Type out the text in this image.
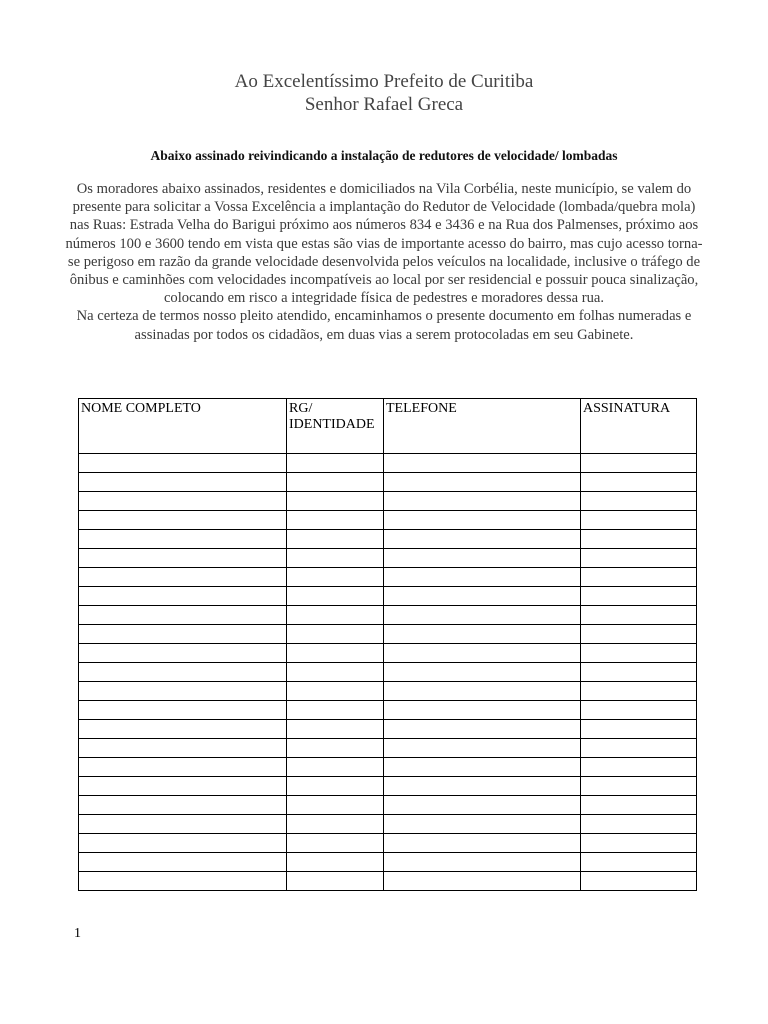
Ao Excelentíssimo Prefeito de Curitiba
Senhor Rafael Greca
Abaixo assinado reivindicando a instalação de redutores de velocidade/ lombadas

Os moradores abaixo assinados, residentes e domiciliados na Vila Corbélia, neste município, se valem do presente para solicitar a Vossa Excelência a implantação do Redutor de Velocidade (lombada/quebra mola) nas Ruas: Estrada Velha do Barigui próximo aos números 834 e 3436 e na Rua dos Palmenses, próximo aos números 100 e 3600 tendo em vista que estas são vias de importante acesso do bairro, mas cujo acesso torna-se perigoso em razão da grande velocidade desenvolvida pelos veículos na localidade, inclusive o tráfego de ônibus e caminhões com velocidades incompatíveis ao local por ser residencial e possuir pouca sinalização, colocando em risco a integridade física de pedestres e moradores dessa rua.

Na certeza de termos nosso pleito atendido, encaminhamos o presente documento em folhas numeradas e assinadas por todos os cidadãos, em duas vias a serem protocoladas em seu Gabinete.

NOME COMPLETO	RG/ IDENTIDADE	TELEFONE	ASSINATURA

1
